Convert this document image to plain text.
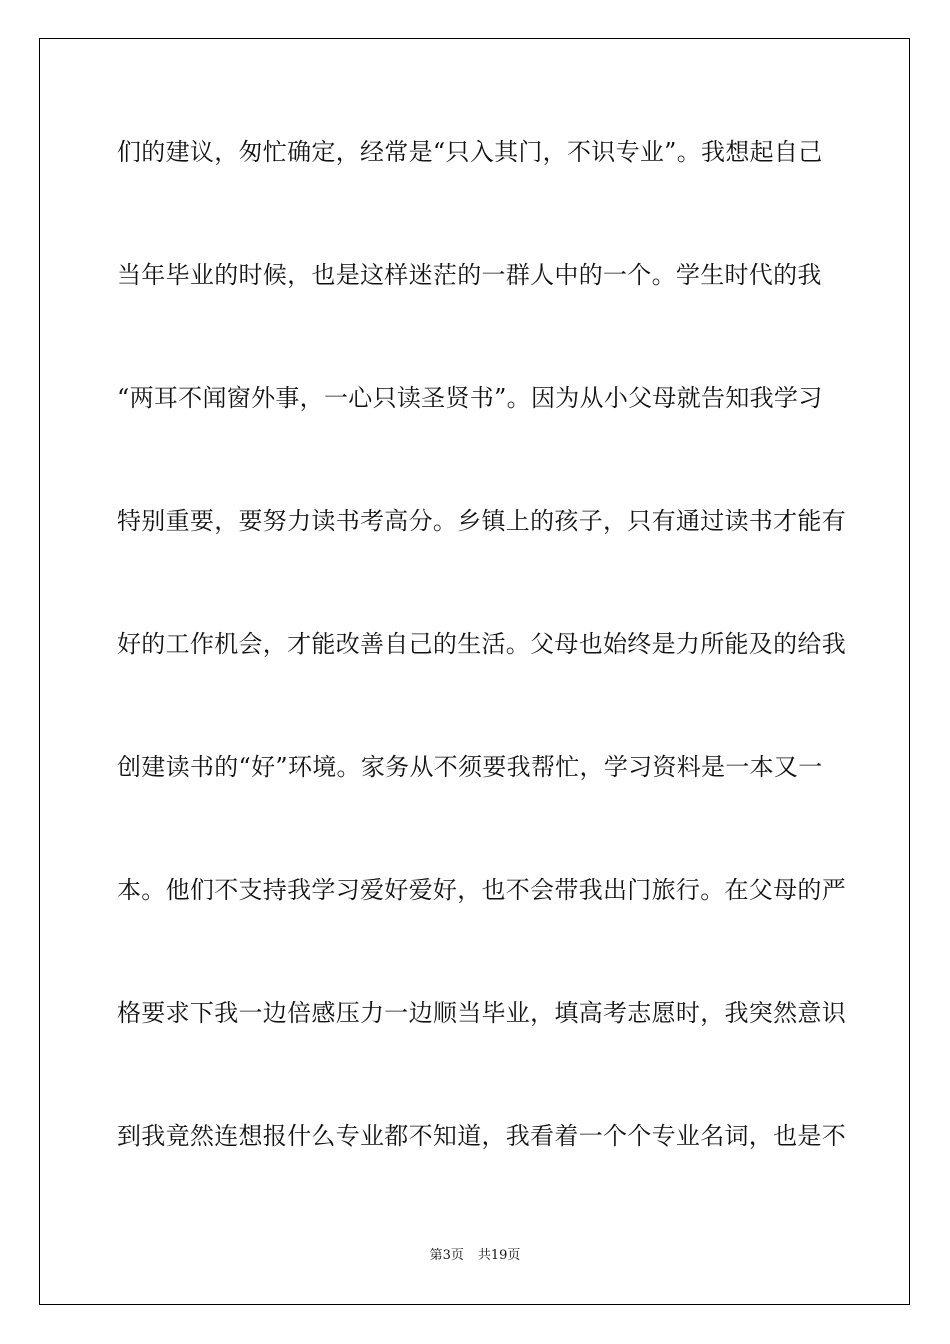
们的建议，匆忙确定，经常是“只入其门，不识专业”。我想起自己

当年毕业的时候，也是这样迷茫的一群人中的一个。学生时代的我

“两耳不闻窗外事，一心只读圣贤书”。因为从小父母就告知我学习

特别重要，要努力读书考高分。乡镇上的孩子，只有通过读书才能有

好的工作机会，才能改善自己的生活。父母也始终是力所能及的给我

创建读书的“好”环境。家务从不须要我帮忙，学习资料是一本又一

本。他们不支持我学习爱好爱好，也不会带我出门旅行。在父母的严

格要求下我一边倍感压力一边顺当毕业，填高考志愿时，我突然意识

到我竟然连想报什么专业都不知道，我看着一个个专业名词，也是不

第3页 共19页
